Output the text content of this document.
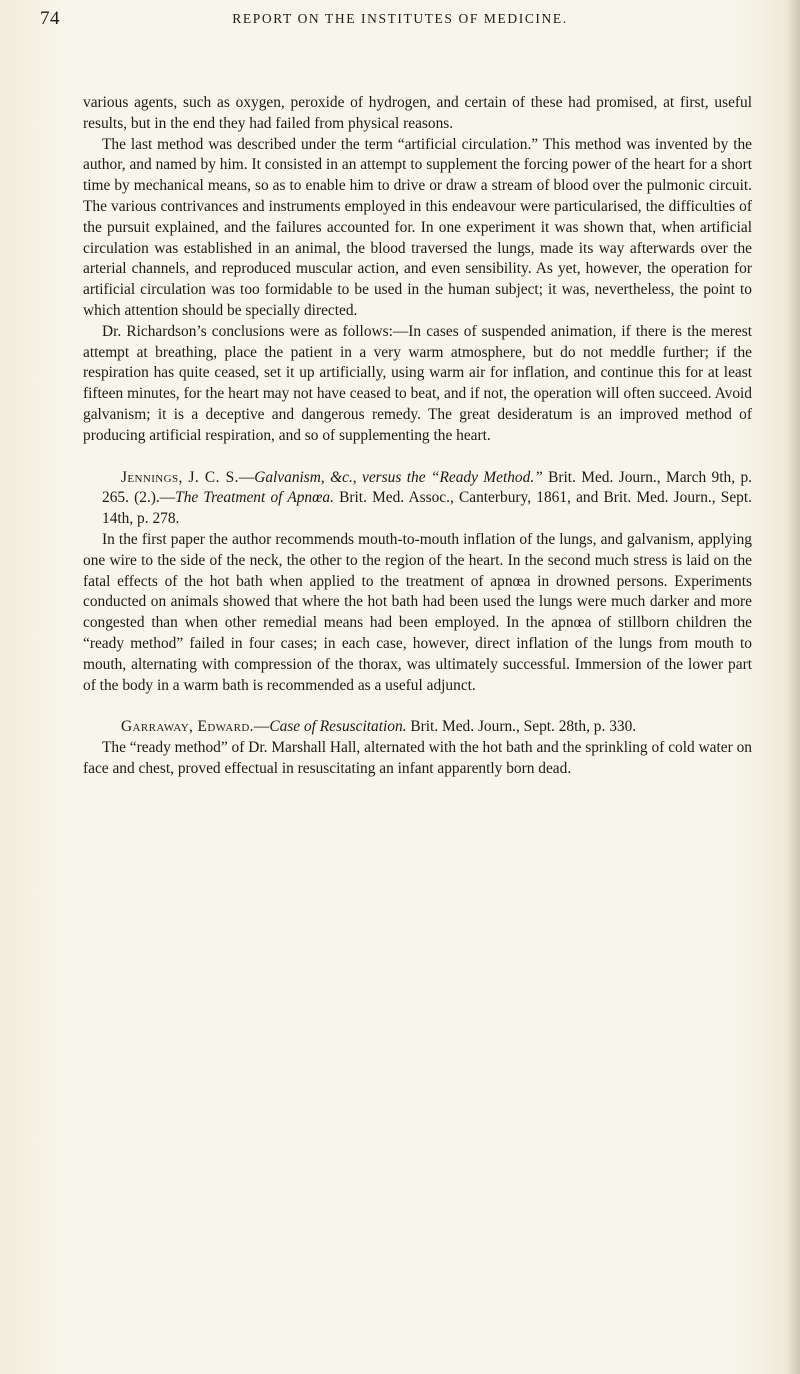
74	REPORT ON THE INSTITUTES OF MEDICINE.

various agents, such as oxygen, peroxide of hydrogen, and certain of these had promised, at first, useful results, but in the end they had failed from physical reasons.

The last method was described under the term “artificial circulation.” This method was invented by the author, and named by him. It consisted in an attempt to supplement the forcing power of the heart for a short time by mechanical means, so as to enable him to drive or draw a stream of blood over the pulmonic circuit. The various contrivances and instruments employed in this endeavour were particularised, the difficulties of the pursuit explained, and the failures accounted for. In one experiment it was shown that, when artificial circulation was established in an animal, the blood traversed the lungs, made its way afterwards over the arterial channels, and reproduced muscular action, and even sensibility. As yet, however, the operation for artificial circulation was too formidable to be used in the human subject; it was, nevertheless, the point to which attention should be specially directed.

Dr. Richardson’s conclusions were as follows:—In cases of suspended animation, if there is the merest attempt at breathing, place the patient in a very warm atmosphere, but do not meddle further; if the respiration has quite ceased, set it up artificially, using warm air for inflation, and continue this for at least fifteen minutes, for the heart may not have ceased to beat, and if not, the operation will often succeed. Avoid galvanism; it is a deceptive and dangerous remedy. The great desideratum is an improved method of producing artificial respiration, and so of supplementing the heart.

Jennings, J. C. S.—Galvanism, &c., versus the “Ready Method.” Brit. Med. Journ., March 9th, p. 265. (2.).—The Treatment of Apnœa. Brit. Med. Assoc., Canterbury, 1861, and Brit. Med. Journ., Sept. 14th, p. 278.

In the first paper the author recommends mouth-to-mouth inflation of the lungs, and galvanism, applying one wire to the side of the neck, the other to the region of the heart. In the second much stress is laid on the fatal effects of the hot bath when applied to the treatment of apnœa in drowned persons. Experiments conducted on animals showed that where the hot bath had been used the lungs were much darker and more congested than when other remedial means had been employed. In the apnœa of stillborn children the “ready method” failed in four cases; in each case, however, direct inflation of the lungs from mouth to mouth, alternating with compression of the thorax, was ultimately successful. Immersion of the lower part of the body in a warm bath is recommended as a useful adjunct.

Garraway, Edward.—Case of Resuscitation. Brit. Med. Journ., Sept. 28th, p. 330.

The “ready method” of Dr. Marshall Hall, alternated with the hot bath and the sprinkling of cold water on face and chest, proved effectual in resuscitating an infant apparently born dead.
